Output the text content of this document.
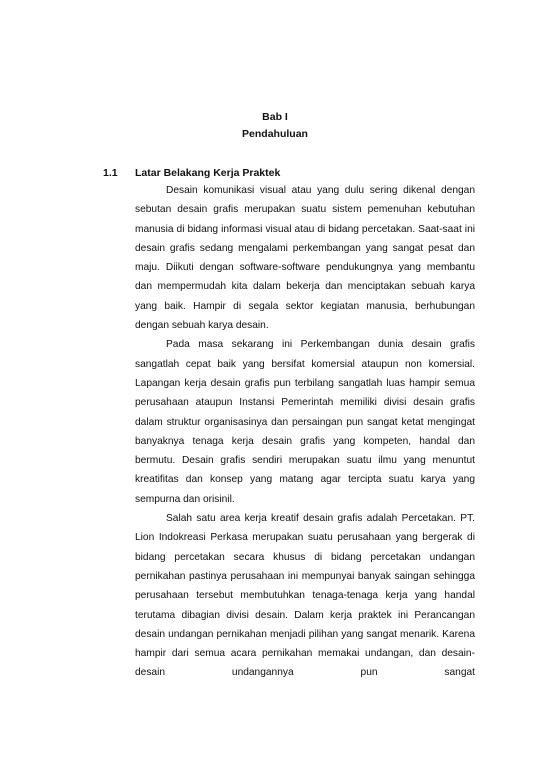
Bab I
Pendahuluan
1.1 Latar Belakang Kerja Praktek

Desain komunikasi visual atau yang dulu sering dikenal dengan sebutan desain grafis merupakan suatu sistem pemenuhan kebutuhan manusia di bidang informasi visual atau di bidang percetakan. Saat-saat ini desain grafis sedang mengalami perkembangan yang sangat pesat dan maju. Diikuti dengan software-software pendukungnya yang membantu dan mempermudah kita dalam bekerja dan menciptakan sebuah karya yang baik. Hampir di segala sektor kegiatan manusia, berhubungan dengan sebuah karya desain.

Pada masa sekarang ini Perkembangan dunia desain grafis sangatlah cepat baik yang bersifat komersial ataupun non komersial. Lapangan kerja desain grafis pun terbilang sangatlah luas hampir semua perusahaan ataupun Instansi Pemerintah memiliki divisi desain grafis dalam struktur organisasinya dan persaingan pun sangat ketat mengingat banyaknya tenaga kerja desain grafis yang kompeten, handal dan bermutu. Desain grafis sendiri merupakan suatu ilmu yang menuntut kreatifitas dan konsep yang matang agar tercipta suatu karya yang sempurna dan orisinil.

Salah satu area kerja kreatif desain grafis adalah Percetakan. PT. Lion Indokreasi Perkasa merupakan suatu perusahaan yang bergerak di bidang percetakan secara khusus di bidang percetakan undangan pernikahan pastinya perusahaan ini mempunyai banyak saingan sehingga perusahaan tersebut membutuhkan tenaga-tenaga kerja yang handal terutama dibagian divisi desain. Dalam kerja praktek ini Perancangan desain undangan pernikahan menjadi pilihan yang sangat menarik. Karena hampir dari semua acara pernikahan memakai undangan, dan desain-desain undangannya pun sangat
